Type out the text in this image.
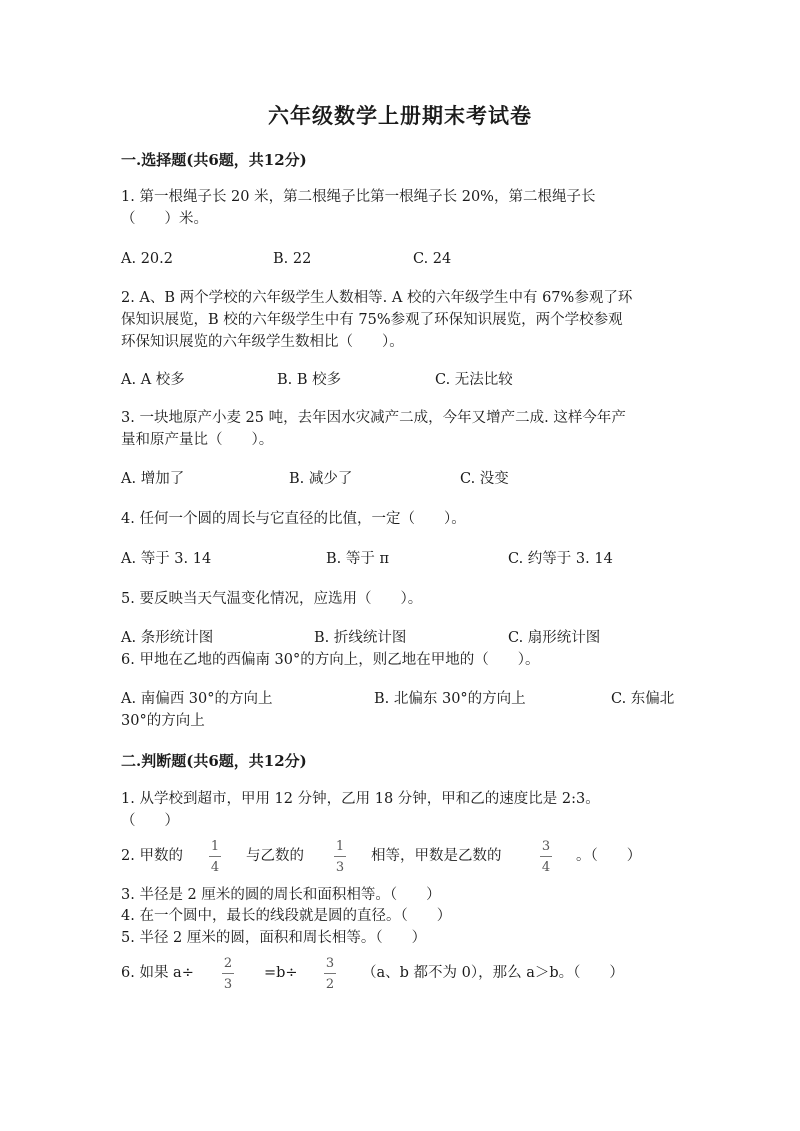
六年级数学上册期末考试卷
一.选择题(共6题，共12分)
1. 第一根绳子长 20 米，第二根绳子比第一根绳子长 20%，第二根绳子长
（　　）米。
A. 20.2	B. 22	C. 24
2. A、B 两个学校的六年级学生人数相等. A 校的六年级学生中有 67%参观了环
保知识展览，B 校的六年级学生中有 75%参观了环保知识展览，两个学校参观
环保知识展览的六年级学生数相比（　　）。
A. A 校多	B. B 校多	C. 无法比较
3. 一块地原产小麦 25 吨，去年因水灾减产二成，今年又增产二成. 这样今年产
量和原产量比（　　）。
A. 增加了	B. 减少了	C. 没变
4. 任何一个圆的周长与它直径的比值，一定（　　）。
A. 等于 3. 14	B. 等于 π	C. 约等于 3. 14
5. 要反映当天气温变化情况，应选用（　　）。
A. 条形统计图	B. 折线统计图	C. 扇形统计图
6. 甲地在乙地的西偏南 30°的方向上，则乙地在甲地的（　　）。
A. 南偏西 30°的方向上	B. 北偏东 30°的方向上	C. 东偏北
30°的方向上
二.判断题(共6题，共12分)
1. 从学校到超市，甲用 12 分钟，乙用 18 分钟，甲和乙的速度比是 2:3。
（　　）
2. 甲数的
1
4
与乙数的
1
3
相等，甲数是乙数的
3
4
。（　　）
3. 半径是 2 厘米的圆的周长和面积相等。（　　）
4. 在一个圆中，最长的线段就是圆的直径。（　　）
5. 半径 2 厘米的圆，面积和周长相等。（　　）
6. 如果 a÷
2
3
=b÷
3
2
（a、b 都不为 0），那么 a＞b。（　　）
